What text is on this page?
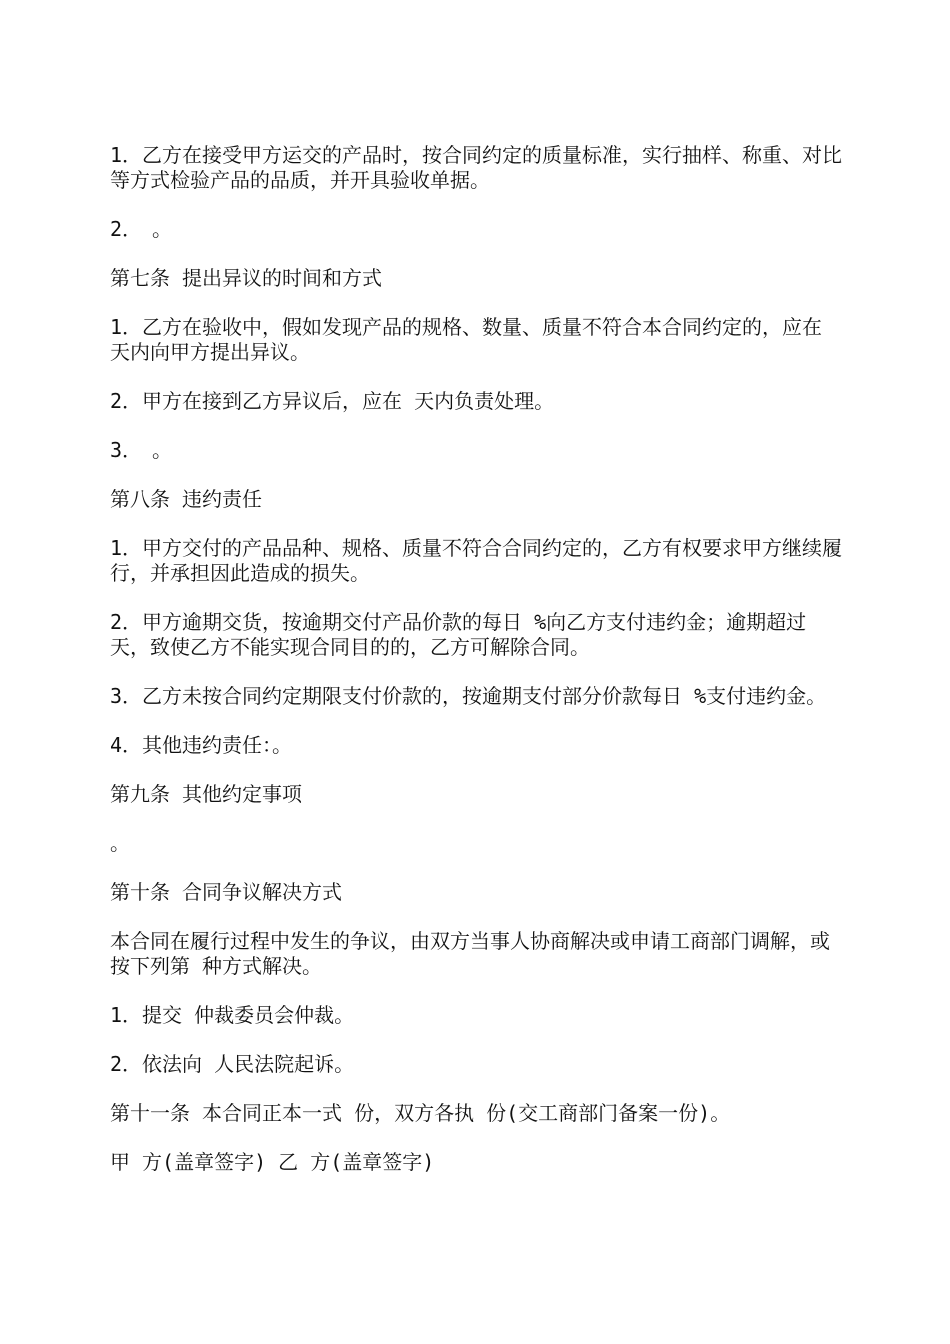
1．乙方在接受甲方运交的产品时，按合同约定的质量标准，实行抽样、称重、对比等方式检验产品的品质，并开具验收单据。

2．　。

第七条 提出异议的时间和方式

1．乙方在验收中，假如发现产品的规格、数量、质量不符合本合同约定的，应在 天内向甲方提出异议。

2．甲方在接到乙方异议后，应在 天内负责处理。

3．　。

第八条 违约责任

1．甲方交付的产品品种、规格、质量不符合合同约定的，乙方有权要求甲方继续履行，并承担因此造成的损失。

2．甲方逾期交货，按逾期交付产品价款的每日 %向乙方支付违约金；逾期超过 天，致使乙方不能实现合同目的的，乙方可解除合同。

3．乙方未按合同约定期限支付价款的，按逾期支付部分价款每日 %支付违约金。

4．其他违约责任：。

第九条 其他约定事项

。

第十条 合同争议解决方式

本合同在履行过程中发生的争议，由双方当事人协商解决或申请工商部门调解，或按下列第 种方式解决。

1．提交 仲裁委员会仲裁。

2．依法向 人民法院起诉。

第十一条 本合同正本一式 份，双方各执 份(交工商部门备案一份)。

甲 方(盖章签字) 乙 方(盖章签字)
